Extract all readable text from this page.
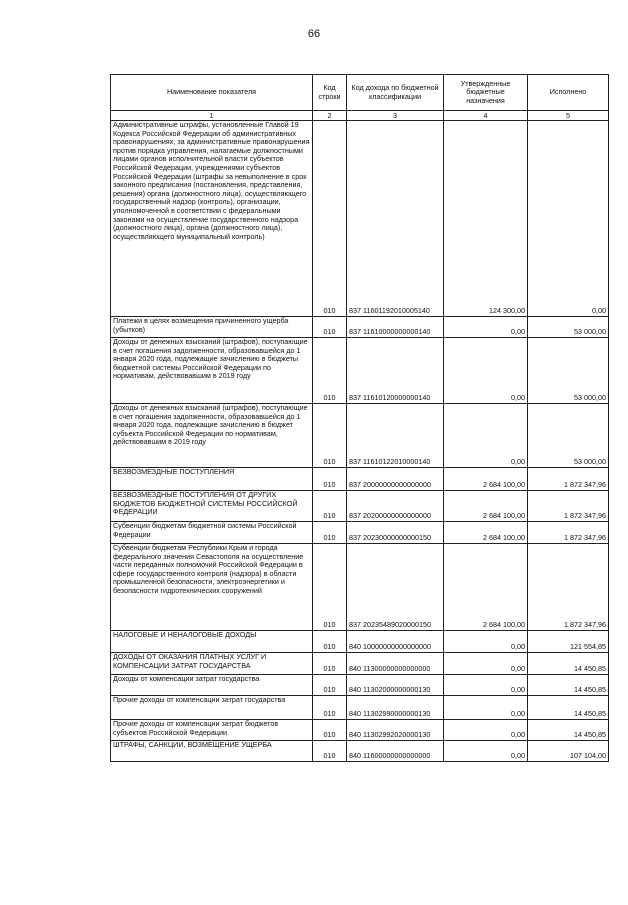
66
Наименование показателя	Код строки	Код дохода по бюджетной классификации	Утвержденные бюджетные назначения	Исполнено
1	2	3	4	5
Административные штрафы, установленные Главой 19 Кодекса Российской Федерации об административных правонарушениях, за административные правонарушения против порядка управления, налагаемые должностными лицами органов исполнительной власти субъектов Российской Федерации, учреждениями субъектов Российской Федерации (штрафы за невыполнение в срок законного предписания (постановления, представления, решения) органа (должностного лица), осуществляющего государственный надзор (контроль), организации, уполномоченной в соответствии с федеральными законами на осуществление государственного надзора (должностного лица), органа (должностного лица), осуществляющего муниципальный контроль)	010	837 11601192010005140	124 300,00	0,00
Платежи в целях возмещения причиненного ущерба (убытков)	010	837 11610000000000140	0,00	53 000,00
Доходы от денежных взысканий (штрафов), поступающие в счет погашения задолженности, образовавшейся до 1 января 2020 года, подлежащие зачислению в бюджеты бюджетной системы Российской Федерации по нормативам, действовавшим в 2019 году	010	837 11610120000000140	0,00	53 000,00
Доходы от денежных взысканий (штрафов), поступающие в счет погашения задолженности, образовавшейся до 1 января 2020 года, подлежащие зачислению в бюджет субъекта Российской Федерации по нормативам, действовавшим в 2019 году	010	837 11610122010000140	0,00	53 000,00
БЕЗВОЗМЕЗДНЫЕ ПОСТУПЛЕНИЯ	010	837 20000000000000000	2 684 100,00	1 872 347,96
БЕЗВОЗМЕЗДНЫЕ ПОСТУПЛЕНИЯ ОТ ДРУГИХ БЮДЖЕТОВ БЮДЖЕТНОЙ СИСТЕМЫ РОССИЙСКОЙ ФЕДЕРАЦИИ	010	837 20200000000000000	2 684 100,00	1 872 347,96
Субвенции бюджетам бюджетной системы Российской Федерации	010	837 20230000000000150	2 684 100,00	1 872 347,96
Субвенции бюджетам Республики Крым и города федерального значения Севастополя на осуществление части переданных полномочий Российской Федерации в сфере государственного контроля (надзора) в области промышленной безопасности, электроэнергетики и безопасности гидротехнических сооружений	010	837 20235489020000150	2 684 100,00	1 872 347,96
НАЛОГОВЫЕ И НЕНАЛОГОВЫЕ ДОХОДЫ	010	840 10000000000000000	0,00	121 554,85
ДОХОДЫ ОТ ОКАЗАНИЯ ПЛАТНЫХ УСЛУГ И КОМПЕНСАЦИИ ЗАТРАТ ГОСУДАРСТВА	010	840 11300000000000000	0,00	14 450,85
Доходы от компенсации затрат государства	010	840 11302000000000130	0,00	14 450,85
Прочие доходы от компенсации затрат государства	010	840 11302990000000130	0,00	14 450,85
Прочие доходы от компенсации затрат бюджетов субъектов Российской Федерации	010	840 11302992020000130	0,00	14 450,85
ШТРАФЫ, САНКЦИИ, ВОЗМЕЩЕНИЕ УЩЕРБА	010	840 11600000000000000	0,00	107 104,00
